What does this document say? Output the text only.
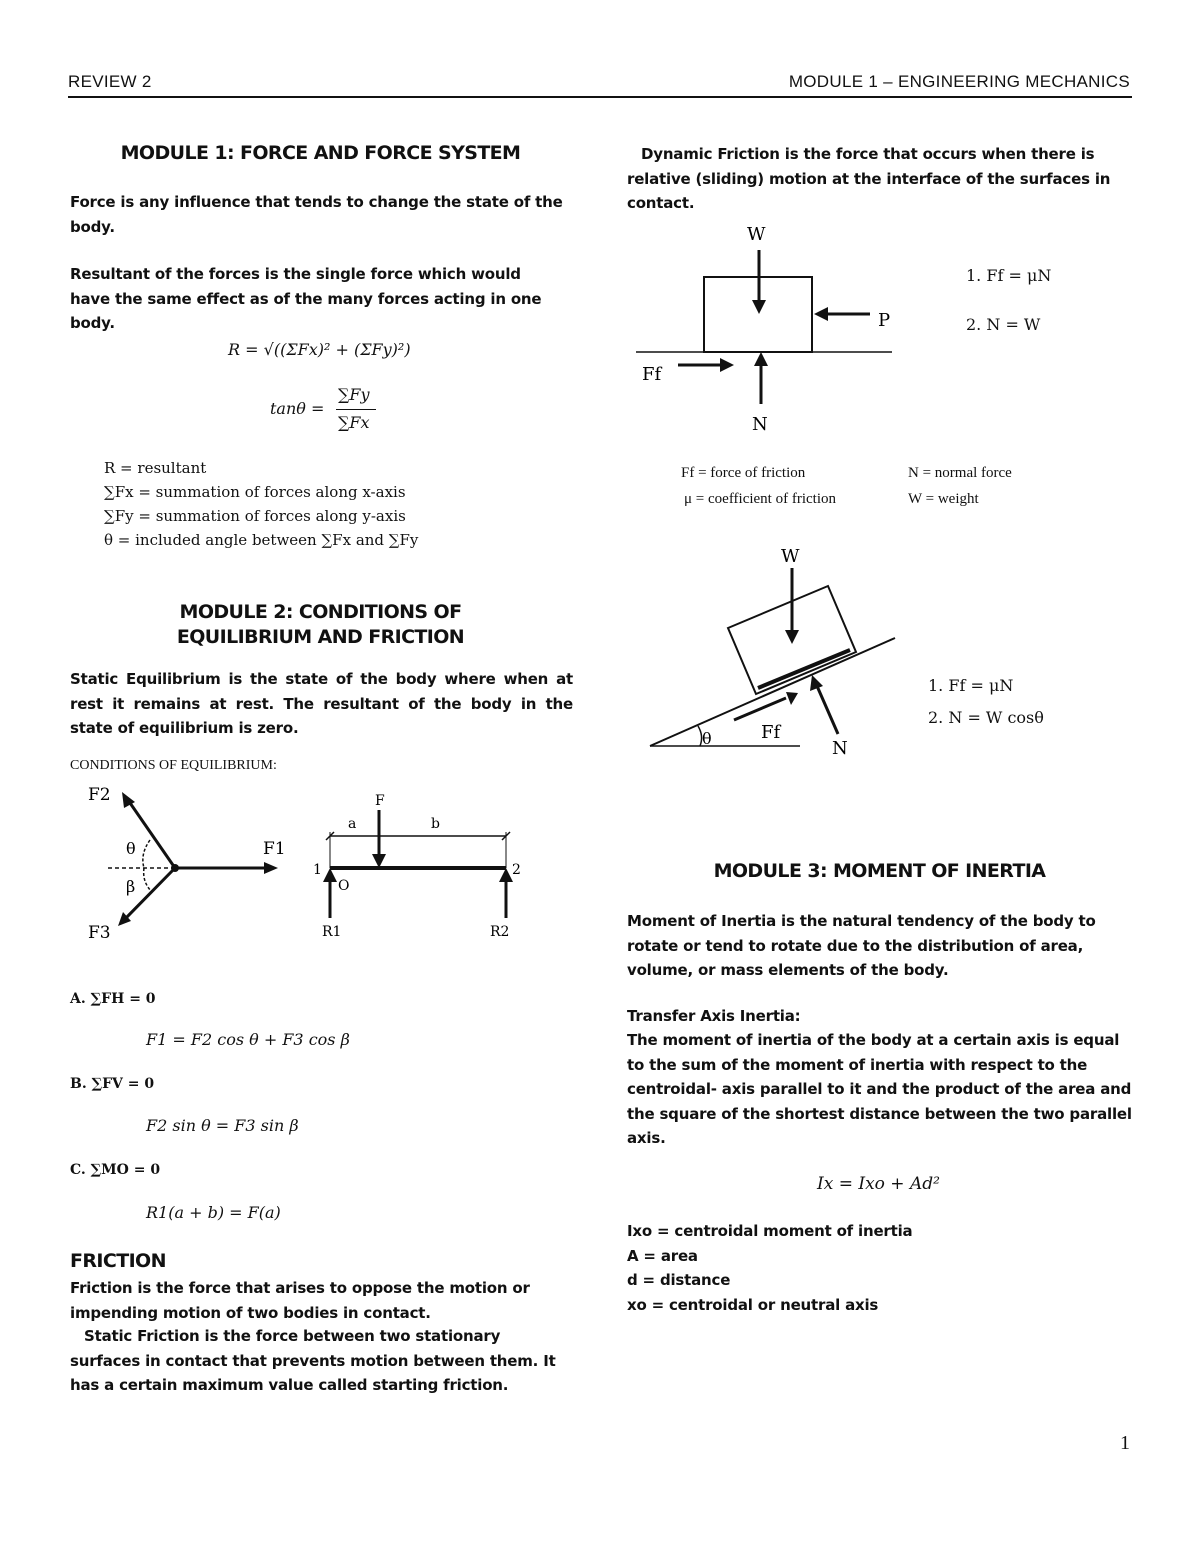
REVIEW 2	MODULE 1 – ENGINEERING MECHANICS
MODULE 1: FORCE AND FORCE SYSTEM
Force is any influence that tends to change the state of the body.
Resultant of the forces is the single force which would have the same effect as of the many forces acting in one body.
R = √((ΣFx)² + (ΣFy)²)
tanθ =
∑Fy
∑Fx
R = resultant
∑Fx = summation of forces along x-axis
∑Fy = summation of forces along y-axis
θ = included angle between ∑Fx and ∑Fy
MODULE 2: CONDITIONS OF
EQUILIBRIUM AND FRICTION
Static Equilibrium is the state of the body where when at rest it remains at rest. The resultant of the body in the state of equilibrium is zero.
CONDITIONS OF EQUILIBRIUM:
F2
F1
F3
θ
β
F
a	b
1	2
O
R1	R2
A. ∑FH = 0
F1 = F2 cos θ + F3 cos β
B. ∑FV = 0
F2 sin θ = F3 sin β
C. ∑MO = 0
R1(a + b) = F(a)
FRICTION
Friction is the force that arises to oppose the motion or impending motion of two bodies in contact.
Static Friction is the force between two stationary surfaces in contact that prevents motion between them. It has a certain maximum value called starting friction.
Dynamic Friction is the force that occurs when there is relative (sliding) motion at the interface of the surfaces in contact.
W
P
Ff
N
1. Ff = μN
2. N = W
Ff = force of friction	N = normal force
μ = coefficient of friction	W = weight
W
θ	Ff
N
1. Ff = μN
2. N = W cosθ
MODULE 3: MOMENT OF INERTIA
Moment of Inertia is the natural tendency of the body to rotate or tend to rotate due to the distribution of area, volume, or mass elements of the body.
Transfer Axis Inertia:
The moment of inertia of the body at a certain axis is equal to the sum of the moment of inertia with respect to the centroidal- axis parallel to it and the product of the area and the square of the shortest distance between the two parallel axis.
Ix = Ixo + Ad²
Ixo = centroidal moment of inertia
A = area
d = distance
xo = centroidal or neutral axis
1
